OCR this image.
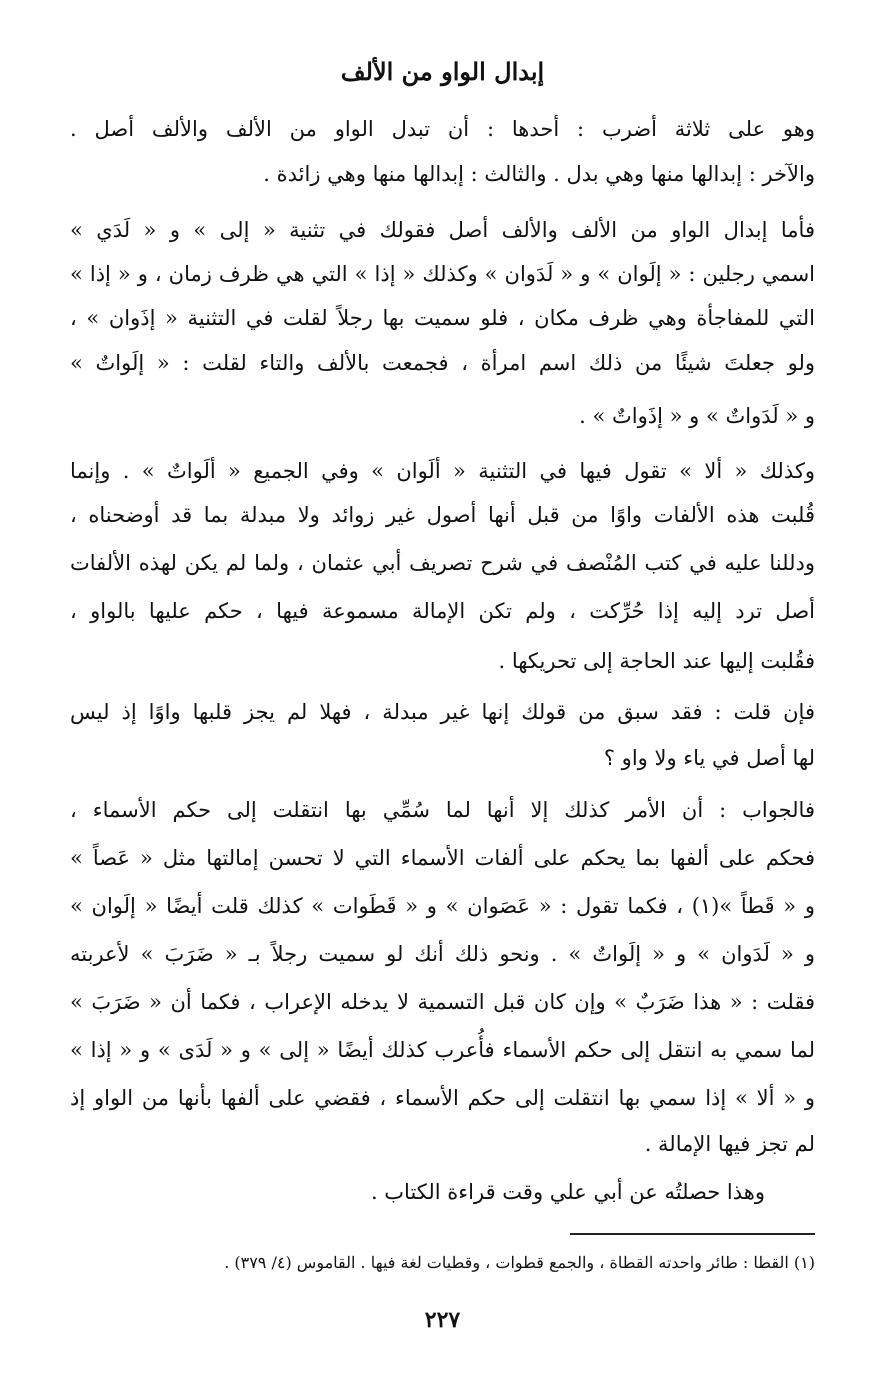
إبدال الواو من الألف
وهو على ثلاثة أضرب : أحدها : أن تبدل الواو من الألف والألف أصل .
والآخر : إبدالها منها وهي بدل . والثالث : إبدالها منها وهي زائدة .
فأما إبدال الواو من الألف والألف أصل فقولك في تثنية « إلى » و « لَدَي »
اسمي رجلين : « إلَوان » و « لَدَوان » وكذلك « إذا » التي هي ظرف زمان ، و « إذا »
التي للمفاجأة وهي ظرف مكان ، فلو سميت بها رجلاً لقلت في التثنية « إذَوان » ،
ولو جعلتَ شيئًا من ذلك اسم امرأة ، فجمعت بالألف والتاء لقلت : « إلَواتٌ »
و « لَدَواتٌ » و « إذَواتٌ » .
وكذلك « ألا » تقول فيها في التثنية « ألَوان » وفي الجميع « ألَواتٌ » . وإنما
قُلبت هذه الألفات واوًا من قبل أنها أصول غير زوائد ولا مبدلة بما قد أوضحناه ،
ودللنا عليه في كتب المُنْصف في شرح تصريف أبي عثمان ، ولما لم يكن لهذه الألفات
أصل ترد إليه إذا حُرِّكت ، ولم تكن الإمالة مسموعة فيها ، حكم عليها بالواو ،
فقُلبت إليها عند الحاجة إلى تحريكها .
فإن قلت : فقد سبق من قولك إنها غير مبدلة ، فهلا لم يجز قلبها واوًا إذ ليس
لها أصل في ياء ولا واو ؟
فالجواب : أن الأمر كذلك إلا أنها لما سُمِّي بها انتقلت إلى حكم الأسماء ،
فحكم على ألفها بما يحكم على ألفات الأسماء التي لا تحسن إمالتها مثل « عَصاً »
و « قَطاً »(١) ، فكما تقول : « عَصَوان » و « قَطَوات » كذلك قلت أيضًا « إلَوان »
و « لَدَوان » و « إلَواتٌ » . ونحو ذلك أنك لو سميت رجلاً بـ « ضَرَبَ » لأعربته
فقلت : « هذا ضَرَبٌ » وإن كان قبل التسمية لا يدخله الإعراب ، فكما أن « ضَرَبَ »
لما سمي به انتقل إلى حكم الأسماء فأُعرب كذلك أيضًا « إلى » و « لَدَى » و « إذا »
و « ألا » إذا سمي بها انتقلت إلى حكم الأسماء ، فقضي على ألفها بأنها من الواو إذ
لم تجز فيها الإمالة .
وهذا حصلتُه عن أبي علي وقت قراءة الكتاب .
(١) القطا : طائر واحدته القطاة ، والجمع قطوات ، وقطيات لغة فيها . القاموس (٤/ ٣٧٩) .
٢٢٧
